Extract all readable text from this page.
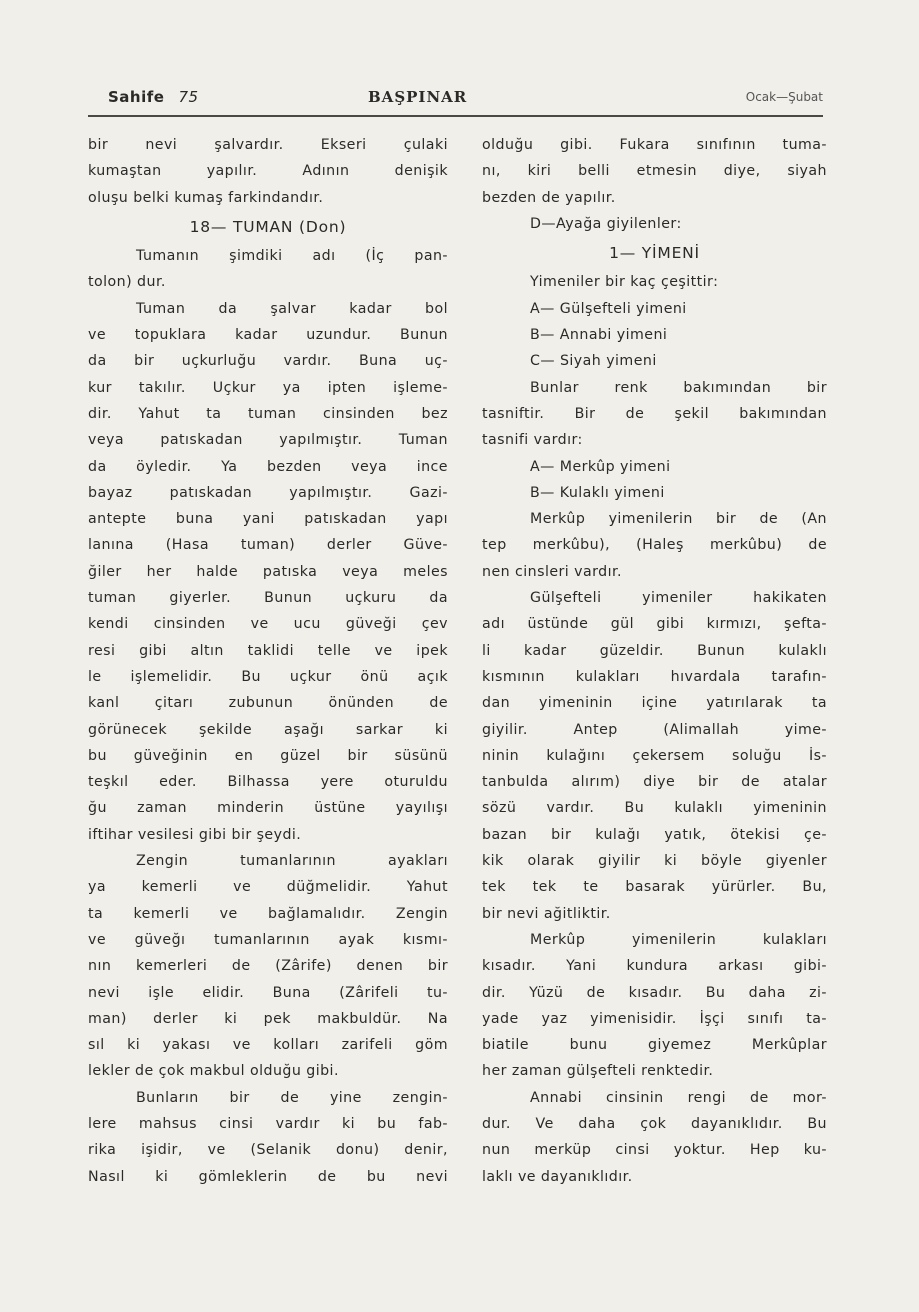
Sahife 75	BAŞPINAR	Ocak—Şubat

bir nevi şalvardır. Ekseri çulaki

kumaştan yapılır. Adının denişik

oluşu belki kumaş farkindandır.

18— TUMAN (Don)

Tumanın şimdiki adı (İç pan-

tolon) dur.

Tuman da şalvar kadar bol

ve topuklara kadar uzundur. Bunun

da bir uçkurluğu vardır. Buna uç-

kur takılır. Uçkur ya ipten işleme-

dir. Yahut ta tuman cinsinden bez

veya patıskadan yapılmıştır. Tuman

da öyledir. Ya bezden veya ince

bayaz patıskadan yapılmıştır. Gazi-

antepte buna yani patıskadan yapı

lanına (Hasa tuman) derler Güve-

ğiler her halde patıska veya meles

tuman giyerler. Bunun uçkuru da

kendi cinsinden ve ucu güveği çev

resi gibi altın taklidi telle ve ipek

le işlemelidir. Bu uçkur önü açık

kanl çitarı zubunun önünden de

görünecek şekilde aşağı sarkar ki

bu güveğinin en güzel bir süsünü

teşkıl eder. Bilhassa yere oturuldu

ğu zaman minderin üstüne yayılışı

iftihar vesilesi gibi bir şeydi.

Zengin tumanlarının ayakları

ya kemerli ve düğmelidir. Yahut

ta kemerli ve bağlamalıdır. Zengin

ve güveğı tumanlarının ayak kısmı-

nın kemerleri de (Zârife) denen bir

nevi işle elidir. Buna (Zârifeli tu-

man) derler ki pek makbuldür. Na

sıl ki yakası ve kolları zarifeli göm

lekler de çok makbul olduğu gibi.

Bunların bir de yine zengin-

lere mahsus cinsi vardır ki bu fab-

rika işidir, ve (Selanik donu) denir,

Nasıl ki gömleklerin de bu nevi

olduğu gibi. Fukara sınıfının tuma-

nı, kiri belli etmesin diye, siyah

bezden de yapılır.

D—Ayağa giyilenler:

1— YİMENİ

Yimeniler bir kaç çeşittir:

A— Gülşefteli yimeni

B— Annabi yimeni

C— Siyah yimeni

Bunlar renk bakımından bir

tasniftir. Bir de şekil bakımından

tasnifi vardır:

A— Merkûp yimeni

B— Kulaklı yimeni

Merkûp yimenilerin bir de (An

tep merkûbu), (Haleş merkûbu) de

nen cinsleri vardır.

Gülşefteli yimeniler hakikaten

adı üstünde gül gibi kırmızı, şefta-

li kadar güzeldir. Bunun kulaklı

kısmının kulakları hıvardala tarafın-

dan yimeninin içine yatırılarak ta

giyilir. Antep (Alimallah yime-

ninin kulağını çekersem soluğu İs-

tanbulda alırım) diye bir de atalar

sözü vardır. Bu kulaklı yimeninin

bazan bir kulağı yatık, ötekisi çe-

kik olarak giyilir ki böyle giyenler

tek tek te basarak yürürler. Bu,

bir nevi ağitliktir.

Merkûp yimenilerin kulakları

kısadır. Yani kundura arkası gibi-

dir. Yüzü de kısadır. Bu daha zi-

yade yaz yimenisidir. İşçi sınıfı ta-

biatile bunu giyemez Merkûplar

her zaman gülşefteli renktedir.

Annabi cinsinin rengi de mor-

dur. Ve daha çok dayanıklıdır. Bu

nun merküp cinsi yoktur. Hep ku-

laklı ve dayanıklıdır.
